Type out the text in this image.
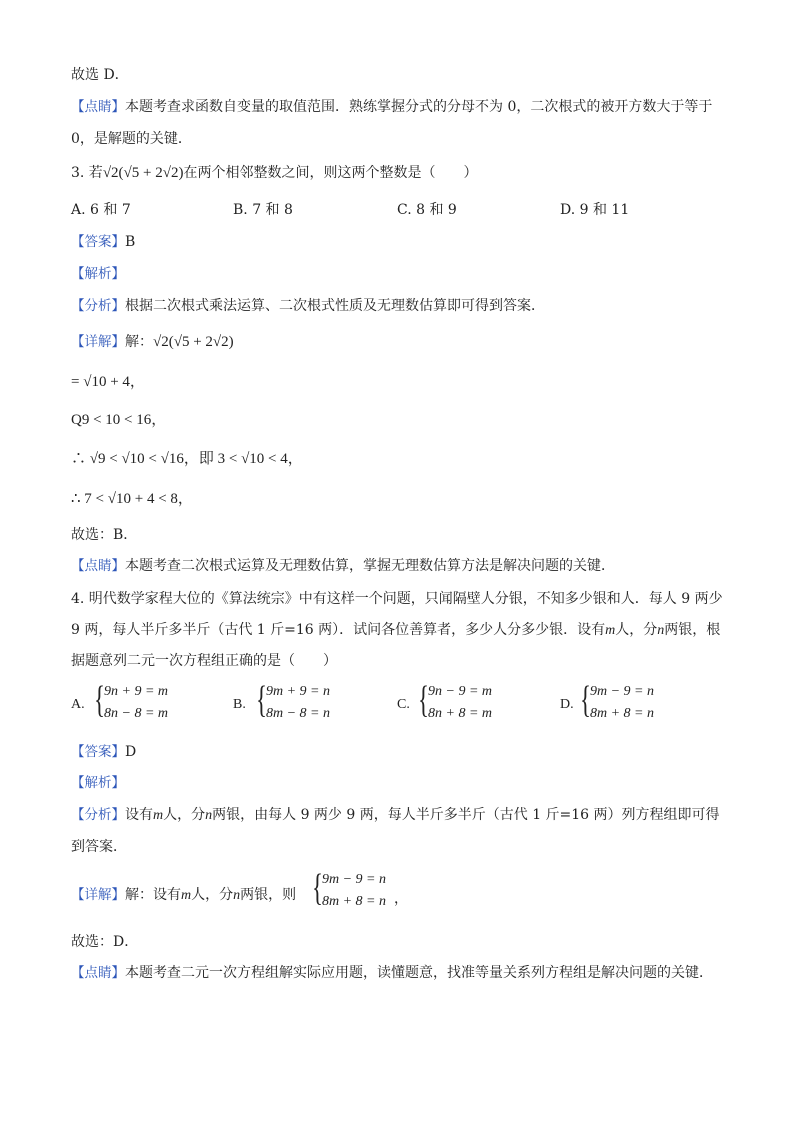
故选 D．
【点睛】本题考查求函数自变量的取值范围．熟练掌握分式的分母不为 0，二次根式的被开方数大于等于
0，是解题的关键．
3. 若√2(√5 + 2√2)在两个相邻整数之间，则这两个整数是（　　）
A. 6 和 7	B. 7 和 8	C. 8 和 9	D. 9 和 11
【答案】B
【解析】
【分析】根据二次根式乘法运算、二次根式性质及无理数估算即可得到答案．
【详解】解：√2(√5 + 2√2)
= √10 + 4，
Q9 < 10 < 16，
∴ √9 < √10 < √16，即 3 < √10 < 4，
∴ 7 < √10 + 4 < 8，
故选：B．
【点睛】本题考查二次根式运算及无理数估算，掌握无理数估算方法是解决问题的关键．
4. 明代数学家程大位的《算法统宗》中有这样一个问题，只闻隔壁人分银，不知多少银和人．每人 9 两少
9 两，每人半斤多半斤（古代 1 斤=16 两）．试问各位善算者，多少人分多少银．设有m人，分n两银，根
据题意列二元一次方程组正确的是（　　）
A. { 9n + 9 = m
8n − 8 = m
B. { 9m + 9 = n
8m − 8 = n
C. { 9n − 9 = m
8n + 8 = m
D. { 9m − 9 = n
8m + 8 = n
【答案】D
【解析】
【分析】设有m人，分n两银，由每人 9 两少 9 两，每人半斤多半斤（古代 1 斤=16 两）列方程组即可得
到答案．
【详解】解：设有m人，分n两银，则 { 9m − 9 = n
8m + 8 = n ，
故选：D．
【点睛】本题考查二元一次方程组解实际应用题，读懂题意，找准等量关系列方程组是解决问题的关键．
